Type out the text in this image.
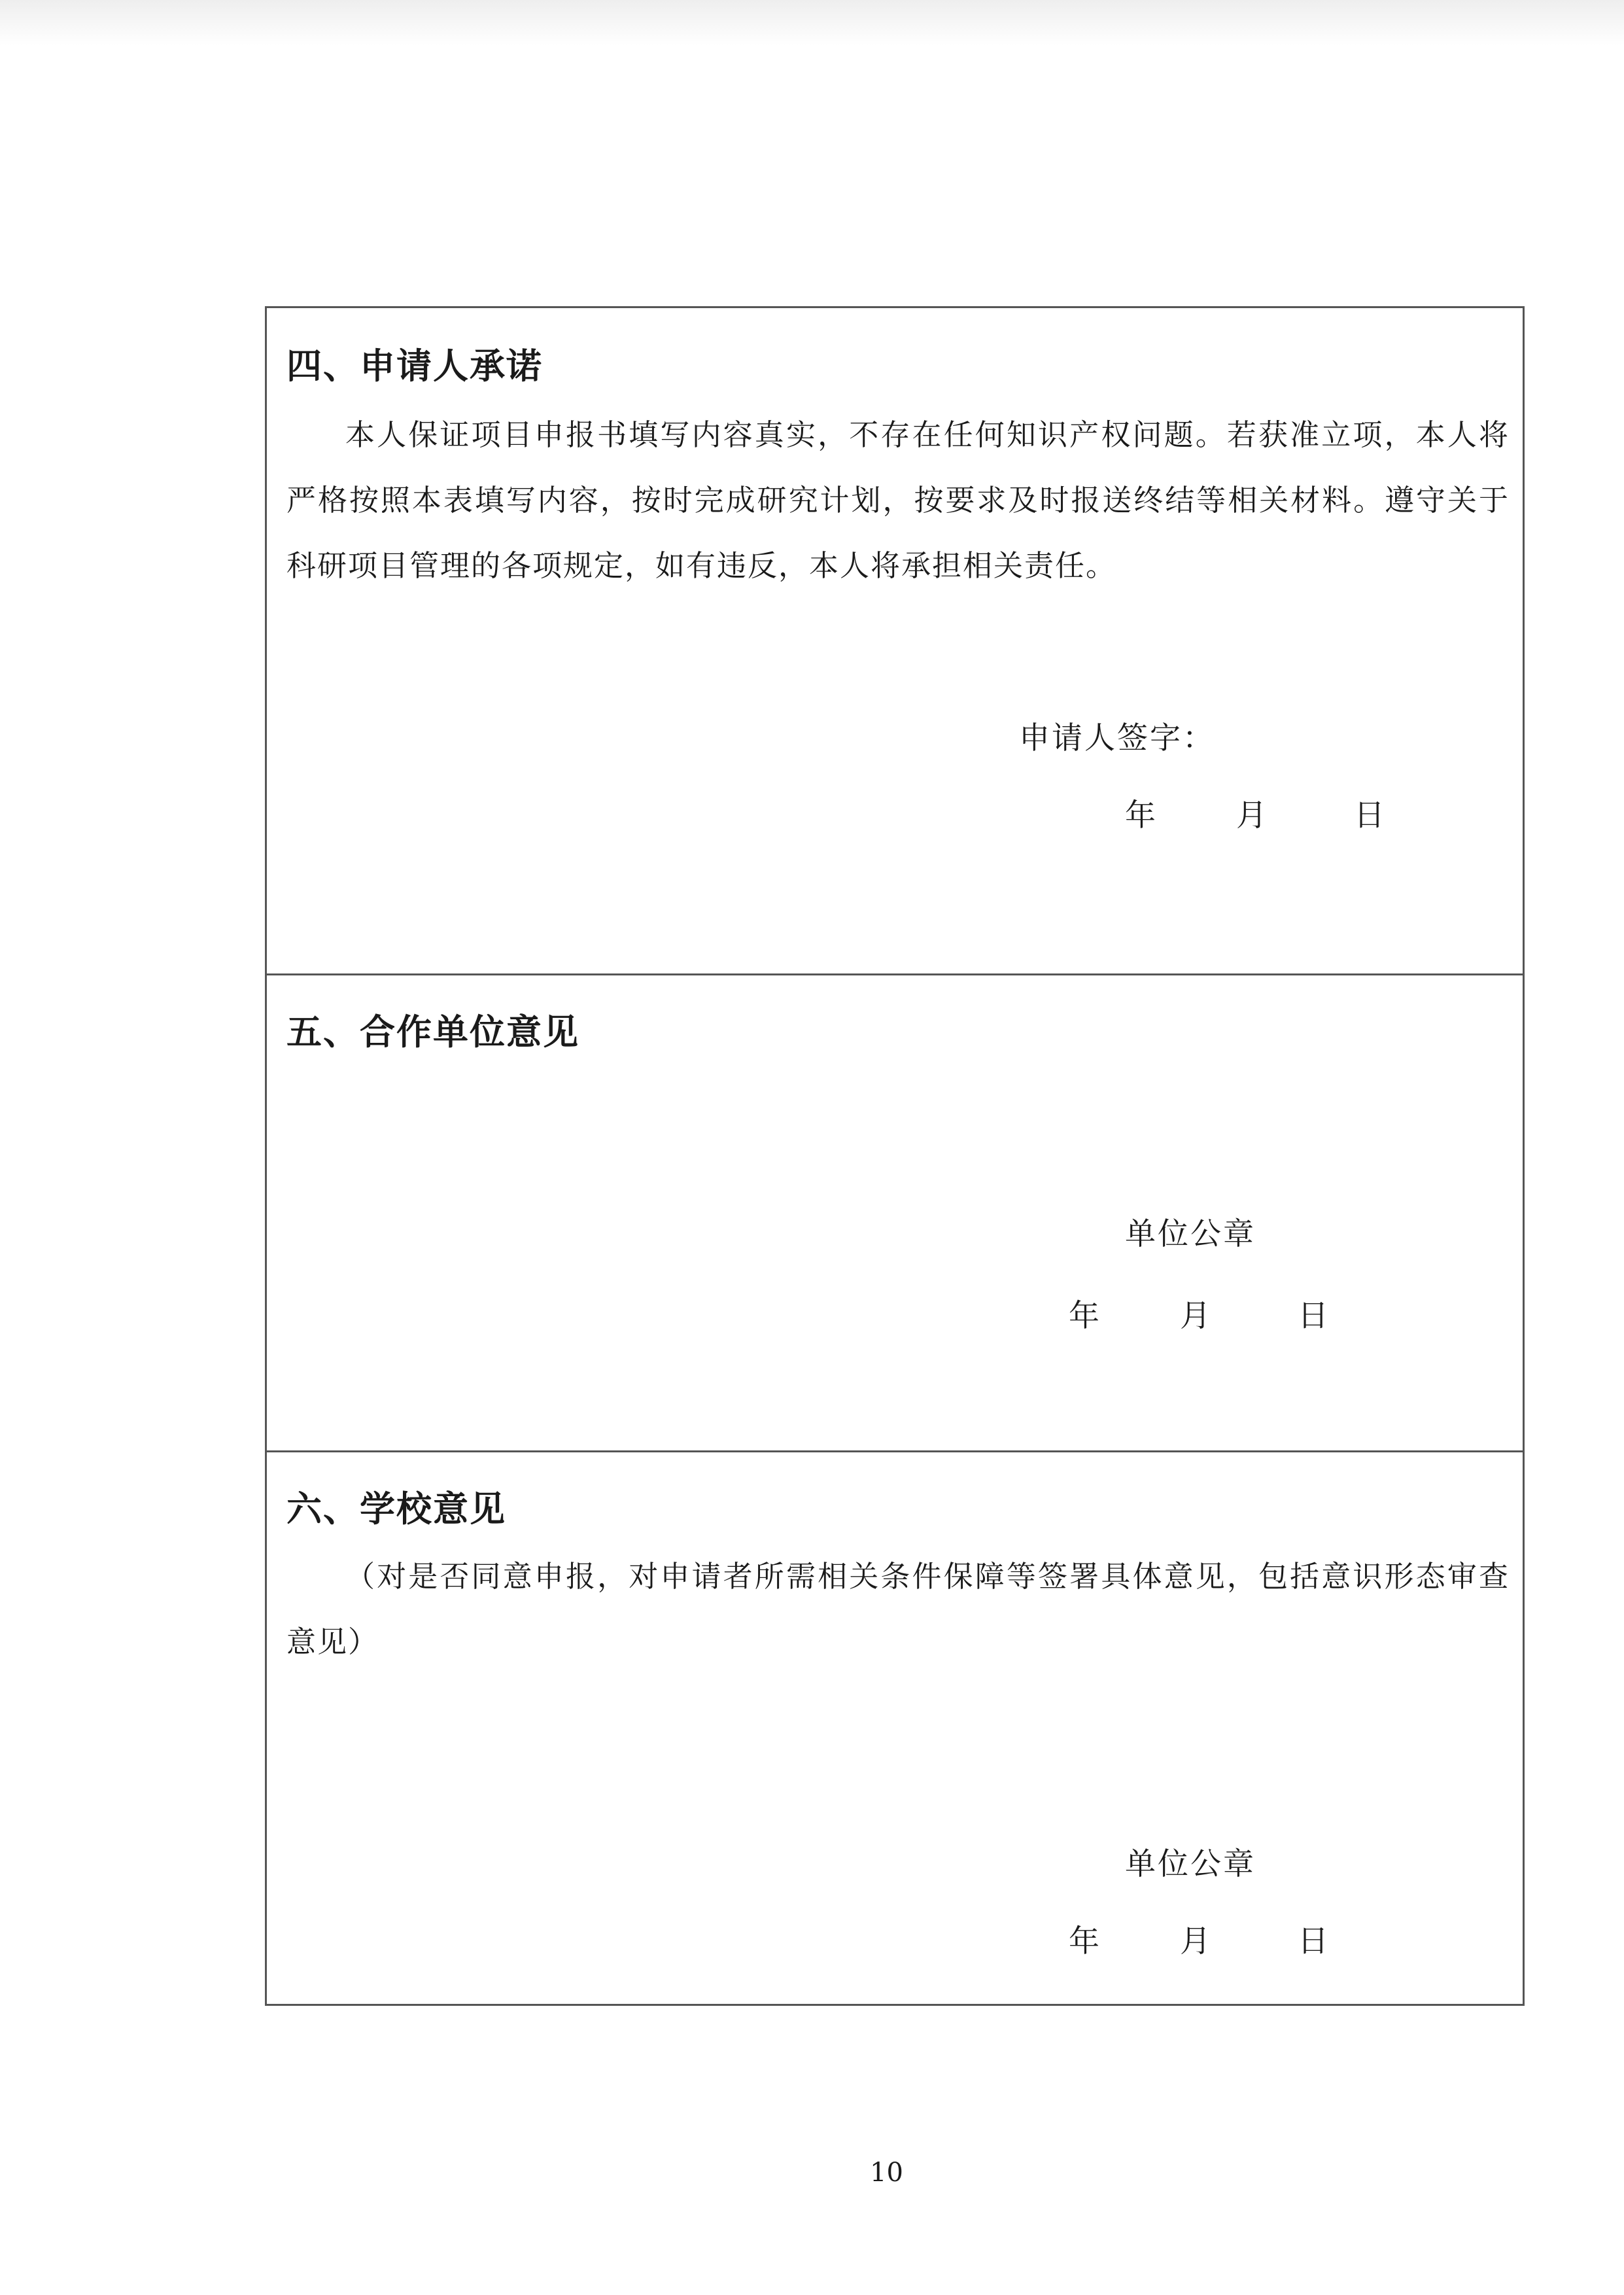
四、申请人承诺

本人保证项目申报书填写内容真实，不存在任何知识产权问题。若获准立项，本人将严格按照本表填写内容，按时完成研究计划，按要求及时报送终结等相关材料。遵守关于科研项目管理的各项规定，如有违反，本人将承担相关责任。

申请人签字：
年	月	日
五、合作单位意见
单位公章
年	月	日
六、学校意见

（对是否同意申报，对申请者所需相关条件保障等签署具体意见，包括意识形态审查意见）

单位公章
年	月	日
10
